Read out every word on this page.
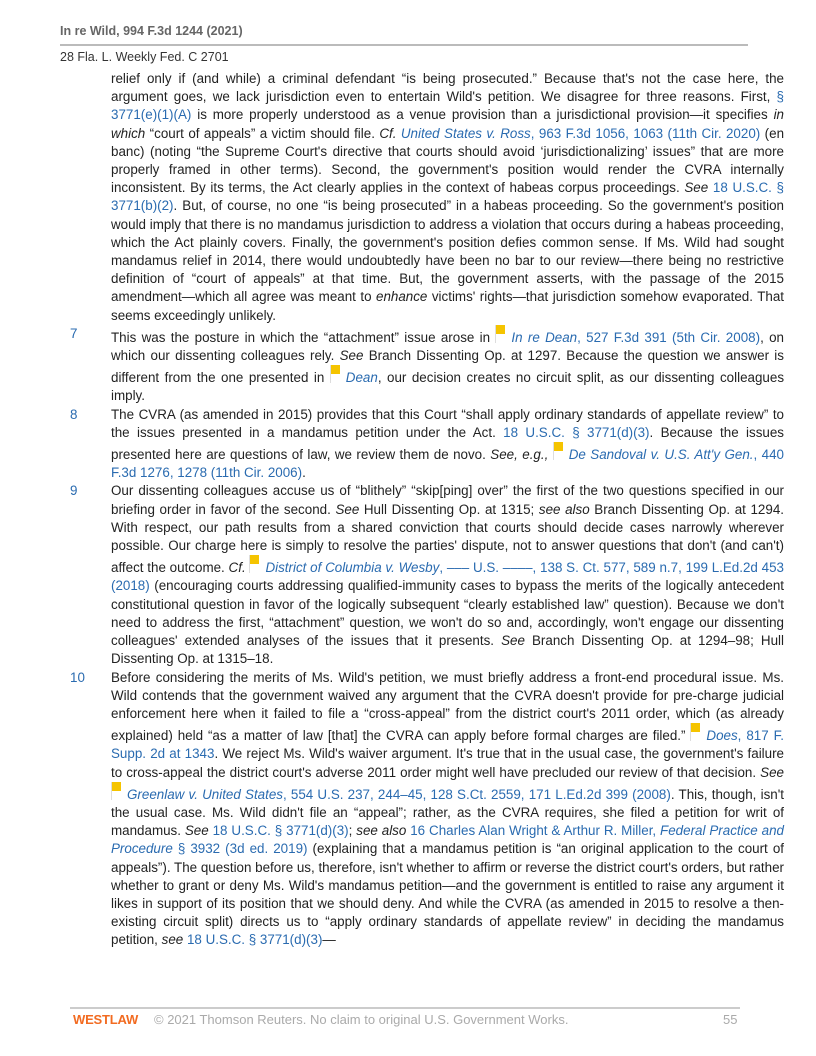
In re Wild, 994 F.3d 1244 (2021)
28 Fla. L. Weekly Fed. C 2701
relief only if (and while) a criminal defendant “is being prosecuted.” Because that's not the case here, the argument goes, we lack jurisdiction even to entertain Wild's petition. We disagree for three reasons. First, § 3771(e)(1)(A) is more properly understood as a venue provision than a jurisdictional provision—it specifies in which “court of appeals” a victim should file. Cf. United States v. Ross, 963 F.3d 1056, 1063 (11th Cir. 2020) (en banc) (noting “the Supreme Court's directive that courts should avoid ‘jurisdictionalizing’ issues” that are more properly framed in other terms). Second, the government's position would render the CVRA internally inconsistent. By its terms, the Act clearly applies in the context of habeas corpus proceedings. See 18 U.S.C. § 3771(b)(2). But, of course, no one “is being prosecuted” in a habeas proceeding. So the government's position would imply that there is no mandamus jurisdiction to address a violation that occurs during a habeas proceeding, which the Act plainly covers. Finally, the government's position defies common sense. If Ms. Wild had sought mandamus relief in 2014, there would undoubtedly have been no bar to our review—there being no restrictive definition of “court of appeals” at that time. But, the government asserts, with the passage of the 2015 amendment—which all agree was meant to enhance victims' rights—that jurisdiction somehow evaporated. That seems exceedingly unlikely.
7	This was the posture in which the “attachment” issue arose in In re Dean, 527 F.3d 391 (5th Cir. 2008), on which our dissenting colleagues rely. See Branch Dissenting Op. at 1297. Because the question we answer is different from the one presented in Dean, our decision creates no circuit split, as our dissenting colleagues imply.
8	The CVRA (as amended in 2015) provides that this Court “shall apply ordinary standards of appellate review” to the issues presented in a mandamus petition under the Act. 18 U.S.C. § 3771(d)(3). Because the issues presented here are questions of law, we review them de novo. See, e.g., De Sandoval v. U.S. Att'y Gen., 440 F.3d 1276, 1278 (11th Cir. 2006).
9	Our dissenting colleagues accuse us of “blithely” “skip[ping] over” the first of the two questions specified in our briefing order in favor of the second. See Hull Dissenting Op. at 1315; see also Branch Dissenting Op. at 1294. With respect, our path results from a shared conviction that courts should decide cases narrowly wherever possible. Our charge here is simply to resolve the parties' dispute, not to answer questions that don't (and can't) affect the outcome. Cf. District of Columbia v. Wesby, ––– U.S. ––––, 138 S. Ct. 577, 589 n.7, 199 L.Ed.2d 453 (2018) (encouraging courts addressing qualified-immunity cases to bypass the merits of the logically antecedent constitutional question in favor of the logically subsequent “clearly established law” question). Because we don't need to address the first, “attachment” question, we won't do so and, accordingly, won't engage our dissenting colleagues' extended analyses of the issues that it presents. See Branch Dissenting Op. at 1294–98; Hull Dissenting Op. at 1315–18.
10 Before considering the merits of Ms. Wild's petition, we must briefly address a front-end procedural issue. Ms. Wild contends that the government waived any argument that the CVRA doesn't provide for pre-charge judicial enforcement here when it failed to file a “cross-appeal” from the district court's 2011 order, which (as already explained) held “as a matter of law [that] the CVRA can apply before formal charges are filed.” Does, 817 F. Supp. 2d at 1343. We reject Ms. Wild's waiver argument. It's true that in the usual case, the government's failure to cross-appeal the district court's adverse 2011 order might well have precluded our review of that decision. See Greenlaw v. United States, 554 U.S. 237, 244–45, 128 S.Ct. 2559, 171 L.Ed.2d 399 (2008). This, though, isn't the usual case. Ms. Wild didn't file an “appeal”; rather, as the CVRA requires, she filed a petition for writ of mandamus. See 18 U.S.C. § 3771(d)(3); see also 16 Charles Alan Wright & Arthur R. Miller, Federal Practice and Procedure § 3932 (3d ed. 2019) (explaining that a mandamus petition is “an original application to the court of appeals”). The question before us, therefore, isn't whether to affirm or reverse the district court's orders, but rather whether to grant or deny Ms. Wild's mandamus petition—and the government is entitled to raise any argument it likes in support of its position that we should deny. And while the CVRA (as amended in 2015 to resolve a then-existing circuit split) directs us to “apply ordinary standards of appellate review” in deciding the mandamus petition, see 18 U.S.C. § 3771(d)(3)—
WESTLAW © 2021 Thomson Reuters. No claim to original U.S. Government Works.	55
